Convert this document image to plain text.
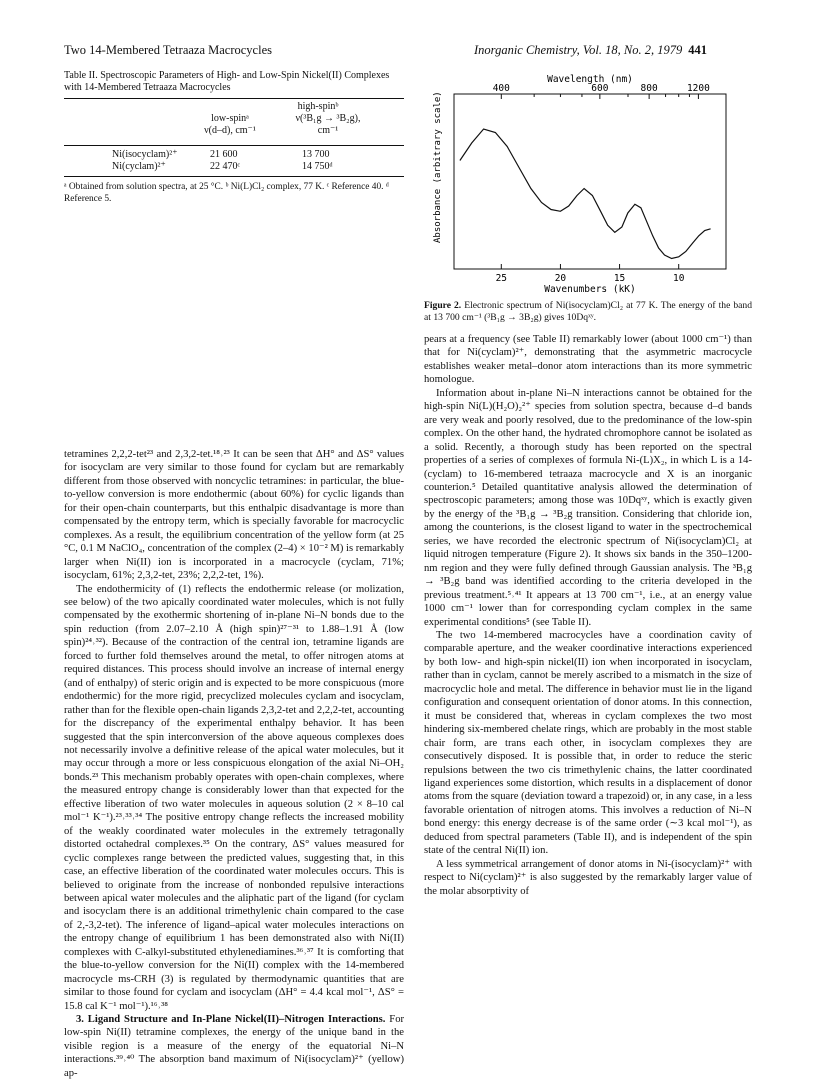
Two 14-Membered Tetraaza Macrocycles	Inorganic Chemistry, Vol. 18, No. 2, 1979 441
Table II. Spectroscopic Parameters of High- and Low-Spin Nickel(II) Complexes with 14-Membered Tetraaza Macrocycles
high-spinᵇ
low-spinᵃ	ν(³B₁g → ³B₂g),
ν(d–d), cm⁻¹	cm⁻¹
Ni(isocyclam)²⁺	21 600	13 700
Ni(cyclam)²⁺	22 470ᶜ	14 750ᵈ
ᵃ Obtained from solution spectra, at 25 °C. ᵇ Ni(L)Cl₂ complex, 77 K. ᶜ Reference 40. ᵈ Reference 5.
Wavelength (nm)
400	600	800	1200
25	20	15	10
Absorbance (arbitrary scale)
Wavenumbers (kK)
Figure 2. Electronic spectrum of Ni(isocyclam)Cl₂ at 77 K. The energy of the band at 13 700 cm⁻¹ (³B₁g → 3B₂g) gives 10Dqˣʸ.

tetramines 2,2,2-tet²³ and 2,3,2-tet.¹⁸˒²³ It can be seen that ΔH° and ΔS° values for isocyclam are very similar to those found for cyclam but are remarkably different from those observed with noncyclic tetramines: in particular, the blue-to-yellow conversion is more endothermic (about 60%) for cyclic ligands than for their open-chain counterparts, but this enthalpic disadvantage is more than compensated by the entropy term, which is specially favorable for macrocyclic complexes. As a result, the equilibrium concentration of the yellow form (at 25 °C, 0.1 M NaClO₄, concentration of the complex (2–4) × 10⁻² M) is remarkably larger when Ni(II) ion is incorporated in a macrocycle (cyclam, 71%; isocyclam, 61%; 2,3,2-tet, 23%; 2,2,2-tet, 1%).

The endothermicity of (1) reflects the endothermic release (or molization, see below) of the two apically coordinated water molecules, which is not fully compensated by the exothermic shortening of in-plane Ni–N bonds due to the spin reduction (from 2.07–2.10 Å (high spin)²⁷⁻³¹ to 1.88–1.91 Å (low spin)²⁴˒³²). Because of the contraction of the central ion, tetramine ligands are forced to further fold themselves around the metal, to offer nitrogen atoms at required distances. This process should involve an increase of internal energy (and of enthalpy) of steric origin and is expected to be more conspicuous (more endothermic) for the more rigid, precyclized molecules cyclam and isocyclam, rather than for the flexible open-chain ligands 2,3,2-tet and 2,2,2-tet, accounting for the discrepancy of the experimental enthalpy behavior. It has been suggested that the spin interconversion of the above aqueous complexes does not necessarily involve a definitive release of the apical water molecules, but it may occur through a more or less conspicuous elongation of the axial Ni–OH₂ bonds.²³ This mechanism probably operates with open-chain complexes, where the measured entropy change is considerably lower than that expected for the effective liberation of two water molecules in aqueous solution (2 × 8–10 cal mol⁻¹ K⁻¹).²³˒³³˒³⁴ The positive entropy change reflects the increased mobility of the weakly coordinated water molecules in the extremely tetragonally distorted octahedral complexes.³⁵ On the contrary, ΔS° values measured for cyclic complexes range between the predicted values, suggesting that, in this case, an effective liberation of the coordinated water molecules occurs. This is believed to originate from the increase of nonbonded repulsive interactions between apical water molecules and the aliphatic part of the ligand (for cyclam and isocyclam there is an additional trimethylenic chain compared to the case of 2,-3,2-tet). The inference of ligand–apical water molecules interactions on the entropy change of equilibrium 1 has been demonstrated also with Ni(II) complexes with C-alkyl-substituted ethylenediamines.³⁶˒³⁷ It is comforting that the blue-to-yellow conversion for the Ni(II) complex with the 14-membered macrocycle ms-CRH (3) is regulated by thermodynamic quantities that are similar to those found for cyclam and isocyclam (ΔH° = 4.4 kcal mol⁻¹, ΔS° = 15.8 cal K⁻¹ mol⁻¹).¹⁶˒³⁸

3. Ligand Structure and In-Plane Nickel(II)–Nitrogen Interactions. For low-spin Ni(II) tetramine complexes, the energy of the unique band in the visible region is a measure of the energy of the equatorial Ni–N interactions.³⁹˒⁴⁰ The absorption band maximum of Ni(isocyclam)²⁺ (yellow) ap-

pears at a frequency (see Table II) remarkably lower (about 1000 cm⁻¹) than that for Ni(cyclam)²⁺, demonstrating that the asymmetric macrocycle establishes weaker metal–donor atom interactions than its more symmetric homologue.

Information about in-plane Ni–N interactions cannot be obtained for the high-spin Ni(L)(H₂O)₂²⁺ species from solution spectra, because d–d bands are very weak and poorly resolved, due to the predominance of the low-spin complex. On the other hand, the hydrated chromophore cannot be isolated as a solid. Recently, a thorough study has been reported on the spectral properties of a series of complexes of formula Ni-(L)X₂, in which L is a 14- (cyclam) to 16-membered tetraaza macrocycle and X is an inorganic counterion.⁵ Detailed quantitative analysis allowed the determination of spectroscopic parameters; among those was 10Dqˣʸ, which is exactly given by the energy of the ³B₁g → ³B₂g transition. Considering that chloride ion, among the counterions, is the closest ligand to water in the spectrochemical series, we have recorded the electronic spectrum of Ni(isocyclam)Cl₂ at liquid nitrogen temperature (Figure 2). It shows six bands in the 350–1200-nm region and they were fully defined through Gaussian analysis. The ³B₁g → ³B₂g band was identified according to the criteria developed in the previous treatment.⁵˒⁴¹ It appears at 13 700 cm⁻¹, i.e., at an energy value 1000 cm⁻¹ lower than for corresponding cyclam complex in the same experimental conditions⁵ (see Table II).

The two 14-membered macrocycles have a coordination cavity of comparable aperture, and the weaker coordinative interactions experienced by both low- and high-spin nickel(II) ion when incorporated in isocyclam, rather than in cyclam, cannot be merely ascribed to a mismatch in the size of macrocyclic hole and metal. The difference in behavior must lie in the ligand configuration and consequent orientation of donor atoms. In this connection, it must be considered that, whereas in cyclam complexes the two most hindering six-membered chelate rings, which are probably in the most stable chair form, are trans each other, in isocyclam complexes they are consecutively disposed. It is possible that, in order to reduce the steric repulsions between the two cis trimethylenic chains, the latter coordinated ligand experiences some distortion, which results in a displacement of donor atoms from the square (deviation toward a trapezoid) or, in any case, in a less favorable orientation of nitrogen atoms. This involves a reduction of Ni–N bond energy: this energy decrease is of the same order (∼3 kcal mol⁻¹), as deduced from spectral parameters (Table II), and is independent of the spin state of the central Ni(II) ion.

A less symmetrical arrangement of donor atoms in Ni-(isocyclam)²⁺ with respect to Ni(cyclam)²⁺ is also suggested by the remarkably larger value of the molar absorptivity of
